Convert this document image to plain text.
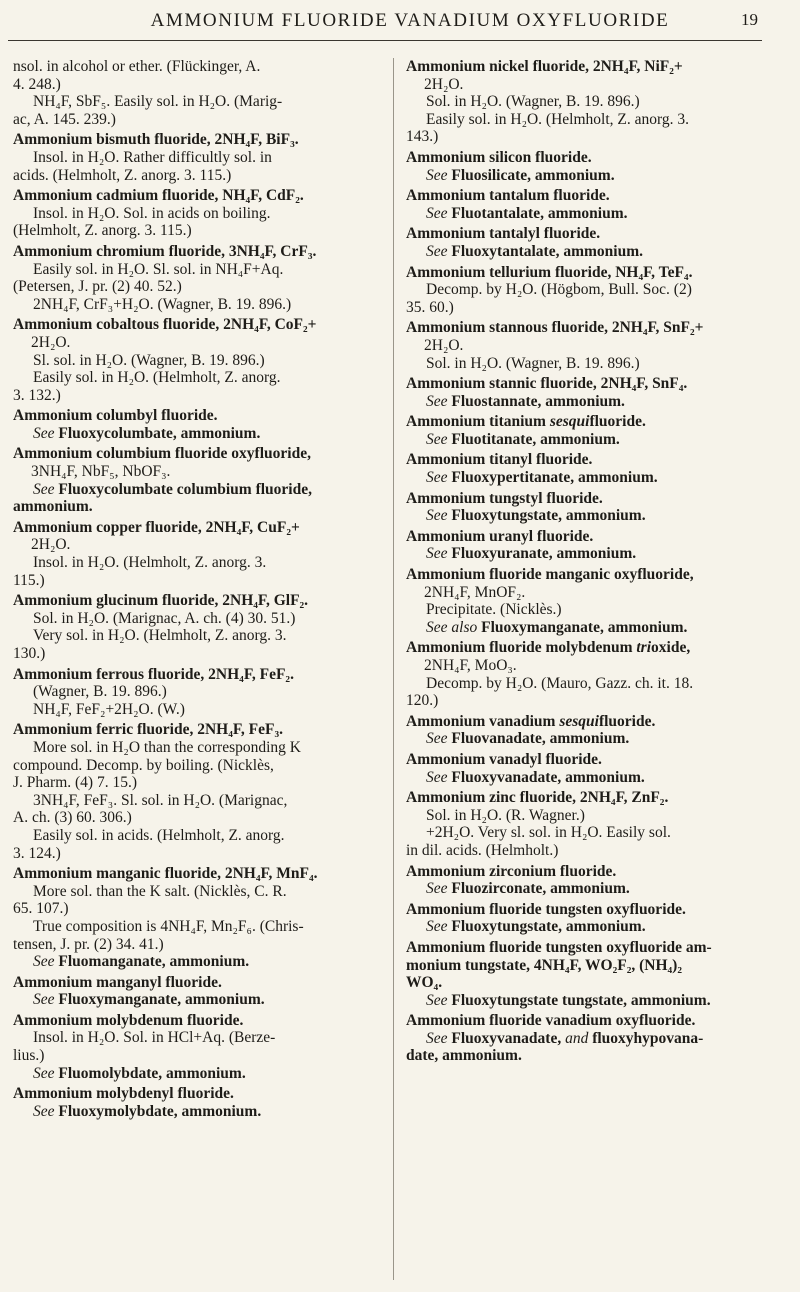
AMMONIUM FLUORIDE VANADIUM OXYFLUORIDE	19

nsol. in alcohol or ether. (Flückinger, A.

4. 248.)

NH₄F, SbF₅. Easily sol. in H₂O. (Marig-

ac, A. 145. 239.)

Ammonium bismuth fluoride, 2NH₄F, BiF₃.

Insol. in H₂O. Rather difficultly sol. in

acids. (Helmholt, Z. anorg. 3. 115.)

Ammonium cadmium fluoride, NH₄F, CdF₂.

Insol. in H₂O. Sol. in acids on boiling.

(Helmholt, Z. anorg. 3. 115.)

Ammonium chromium fluoride, 3NH₄F, CrF₃.

Easily sol. in H₂O. Sl. sol. in NH₄F+Aq.

(Petersen, J. pr. (2) 40. 52.)

2NH₄F, CrF₃+H₂O. (Wagner, B. 19. 896.)

Ammonium cobaltous fluoride, 2NH₄F, CoF₂+

2H₂O.

Sl. sol. in H₂O. (Wagner, B. 19. 896.)

Easily sol. in H₂O. (Helmholt, Z. anorg.

3. 132.)

Ammonium columbyl fluoride.

See Fluoxycolumbate, ammonium.

Ammonium columbium fluoride oxyfluoride,

3NH₄F, NbF₅, NbOF₃.

See Fluoxycolumbate columbium fluoride,

ammonium.

Ammonium copper fluoride, 2NH₄F, CuF₂+

2H₂O.

Insol. in H₂O. (Helmholt, Z. anorg. 3.

115.)

Ammonium glucinum fluoride, 2NH₄F, GlF₂.

Sol. in H₂O. (Marignac, A. ch. (4) 30. 51.)

Very sol. in H₂O. (Helmholt, Z. anorg. 3.

130.)

Ammonium ferrous fluoride, 2NH₄F, FeF₂.

(Wagner, B. 19. 896.)

NH₄F, FeF₂+2H₂O. (W.)

Ammonium ferric fluoride, 2NH₄F, FeF₃.

More sol. in H₂O than the corresponding K

compound. Decomp. by boiling. (Nicklès,

J. Pharm. (4) 7. 15.)

3NH₄F, FeF₃. Sl. sol. in H₂O. (Marignac,

A. ch. (3) 60. 306.)

Easily sol. in acids. (Helmholt, Z. anorg.

3. 124.)

Ammonium manganic fluoride, 2NH₄F, MnF₄.

More sol. than the K salt. (Nicklès, C. R.

65. 107.)

True composition is 4NH₄F, Mn₂F₆. (Chris-

tensen, J. pr. (2) 34. 41.)

See Fluomanganate, ammonium.

Ammonium manganyl fluoride.

See Fluoxymanganate, ammonium.

Ammonium molybdenum fluoride.

Insol. in H₂O. Sol. in HCl+Aq. (Berze-

lius.)

See Fluomolybdate, ammonium.

Ammonium molybdenyl fluoride.

See Fluoxymolybdate, ammonium.

Ammonium nickel fluoride, 2NH₄F, NiF₂+

2H₂O.

Sol. in H₂O. (Wagner, B. 19. 896.)

Easily sol. in H₂O. (Helmholt, Z. anorg. 3.

143.)

Ammonium silicon fluoride.

See Fluosilicate, ammonium.

Ammonium tantalum fluoride.

See Fluotantalate, ammonium.

Ammonium tantalyl fluoride.

See Fluoxytantalate, ammonium.

Ammonium tellurium fluoride, NH₄F, TeF₄.

Decomp. by H₂O. (Högbom, Bull. Soc. (2)

35. 60.)

Ammonium stannous fluoride, 2NH₄F, SnF₂+

2H₂O.

Sol. in H₂O. (Wagner, B. 19. 896.)

Ammonium stannic fluoride, 2NH₄F, SnF₄.

See Fluostannate, ammonium.

Ammonium titanium sesquifluoride.

See Fluotitanate, ammonium.

Ammonium titanyl fluoride.

See Fluoxypertitanate, ammonium.

Ammonium tungstyl fluoride.

See Fluoxytungstate, ammonium.

Ammonium uranyl fluoride.

See Fluoxyuranate, ammonium.

Ammonium fluoride manganic oxyfluoride,

2NH₄F, MnOF₂.

Precipitate. (Nicklès.)

See also Fluoxymanganate, ammonium.

Ammonium fluoride molybdenum trioxide,

2NH₄F, MoO₃.

Decomp. by H₂O. (Mauro, Gazz. ch. it. 18.

120.)

Ammonium vanadium sesquifluoride.

See Fluovanadate, ammonium.

Ammonium vanadyl fluoride.

See Fluoxyvanadate, ammonium.

Ammonium zinc fluoride, 2NH₄F, ZnF₂.

Sol. in H₂O. (R. Wagner.)

+2H₂O. Very sl. sol. in H₂O. Easily sol.

in dil. acids. (Helmholt.)

Ammonium zirconium fluoride.

See Fluozirconate, ammonium.

Ammonium fluoride tungsten oxyfluoride.

See Fluoxytungstate, ammonium.

Ammonium fluoride tungsten oxyfluoride am-

monium tungstate, 4NH₄F, WO₂F₂, (NH₄)₂

WO₄.

See Fluoxytungstate tungstate, ammonium.

Ammonium fluoride vanadium oxyfluoride.

See Fluoxyvanadate, and fluoxyhypovana-

date, ammonium.
